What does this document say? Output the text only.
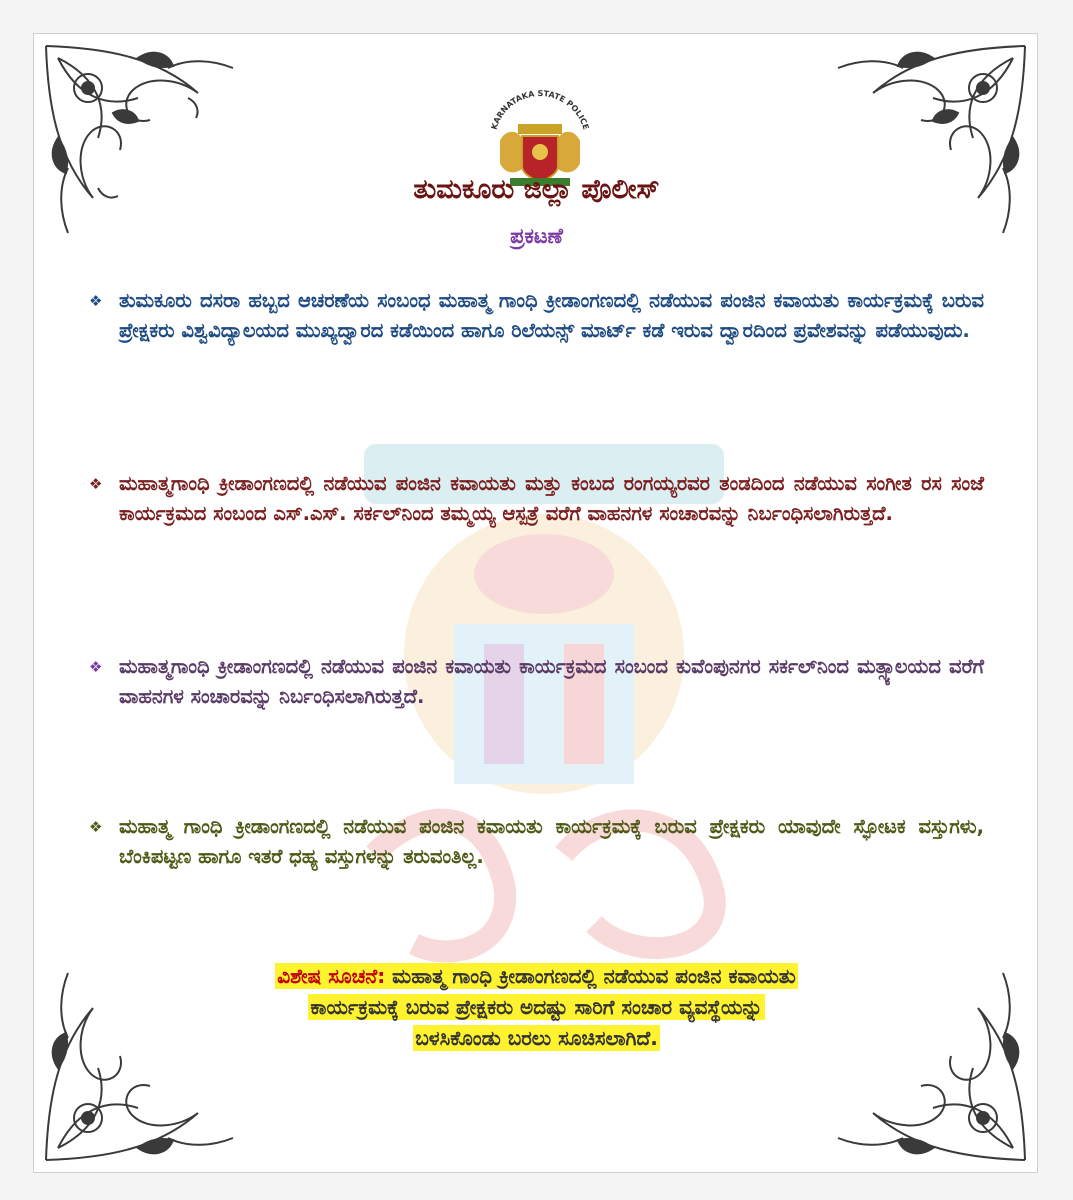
KARNATAKA STATE POLICE
ತುಮಕೂರು ಜಿಲ್ಲಾ ಪೊಲೀಸ್
ಪ್ರಕಟಣೆ
❖ ತುಮಕೂರು ದಸರಾ ಹಬ್ಬದ ಆಚರಣೆಯ ಸಂಬಂಧ ಮಹಾತ್ಮ ಗಾಂಧಿ ಕ್ರೀಡಾಂಗಣದಲ್ಲಿ ನಡೆಯುವ ಪಂಜಿನ ಕವಾಯತು ಕಾರ್ಯಕ್ರಮಕ್ಕೆ ಬರುವ ಪ್ರೇಕ್ಷಕರು ವಿಶ್ವವಿದ್ಯಾಲಯದ ಮುಖ್ಯದ್ವಾರದ ಕಡೆಯಿಂದ ಹಾಗೂ ರಿಲೆಯನ್ಸ್ ಮಾರ್ಟ್ ಕಡೆ ಇರುವ ದ್ವಾರದಿಂದ ಪ್ರವೇಶವನ್ನು ಪಡೆಯುವುದು.
❖ ಮಹಾತ್ಮಗಾಂಧಿ ಕ್ರೀಡಾಂಗಣದಲ್ಲಿ ನಡೆಯುವ ಪಂಜಿನ ಕವಾಯತು ಮತ್ತು ಕಂಬದ ರಂಗಯ್ಯರವರ ತಂಡದಿಂದ ನಡೆಯುವ ಸಂಗೀತ ರಸ ಸಂಜೆ ಕಾರ್ಯಕ್ರಮದ ಸಂಬಂದ ಎಸ್.ಎಸ್. ಸರ್ಕಲ್‌ನಿಂದ ತಮ್ಮಯ್ಯ ಆಸ್ಪತ್ರೆ ವರೆಗೆ ವಾಹನಗಳ ಸಂಚಾರವನ್ನು ನಿರ್ಬಂಧಿಸಲಾಗಿರುತ್ತದೆ.
❖ ಮಹಾತ್ಮಗಾಂಧಿ ಕ್ರೀಡಾಂಗಣದಲ್ಲಿ ನಡೆಯುವ ಪಂಜಿನ ಕವಾಯತು ಕಾರ್ಯಕ್ರಮದ ಸಂಬಂದ ಕುವೆಂಪುನಗರ ಸರ್ಕಲ್‌ನಿಂದ ಮತ್ಸ್ಯಾಲಯದ ವರೆಗೆ ವಾಹನಗಳ ಸಂಚಾರವನ್ನು ನಿರ್ಬಂಧಿಸಲಾಗಿರುತ್ತದೆ.
❖ ಮಹಾತ್ಮ ಗಾಂಧಿ ಕ್ರೀಡಾಂಗಣದಲ್ಲಿ ನಡೆಯುವ ಪಂಜಿನ ಕವಾಯತು ಕಾರ್ಯಕ್ರಮಕ್ಕೆ ಬರುವ ಪ್ರೇಕ್ಷಕರು ಯಾವುದೇ ಸ್ಫೋಟಕ ವಸ್ತುಗಳು, ಬೆಂಕಿಪಟ್ಟಣ ಹಾಗೂ ಇತರೆ ಧಹ್ಯ ವಸ್ತುಗಳನ್ನು ತರುವಂತಿಲ್ಲ.
ವಿಶೇಷ ಸೂಚನೆ: ಮಹಾತ್ಮ ಗಾಂಧಿ ಕ್ರೀಡಾಂಗಣದಲ್ಲಿ ನಡೆಯುವ ಪಂಜಿನ ಕವಾಯತು
ಕಾರ್ಯಕ್ರಮಕ್ಕೆ ಬರುವ ಪ್ರೇಕ್ಷಕರು ಅದಷ್ಟು ಸಾರಿಗೆ ಸಂಚಾರ ವ್ಯವಸ್ಥೆಯನ್ನು
ಬಳಸಿಕೊಂಡು ಬರಲು ಸೂಚಿಸಲಾಗಿದೆ.
